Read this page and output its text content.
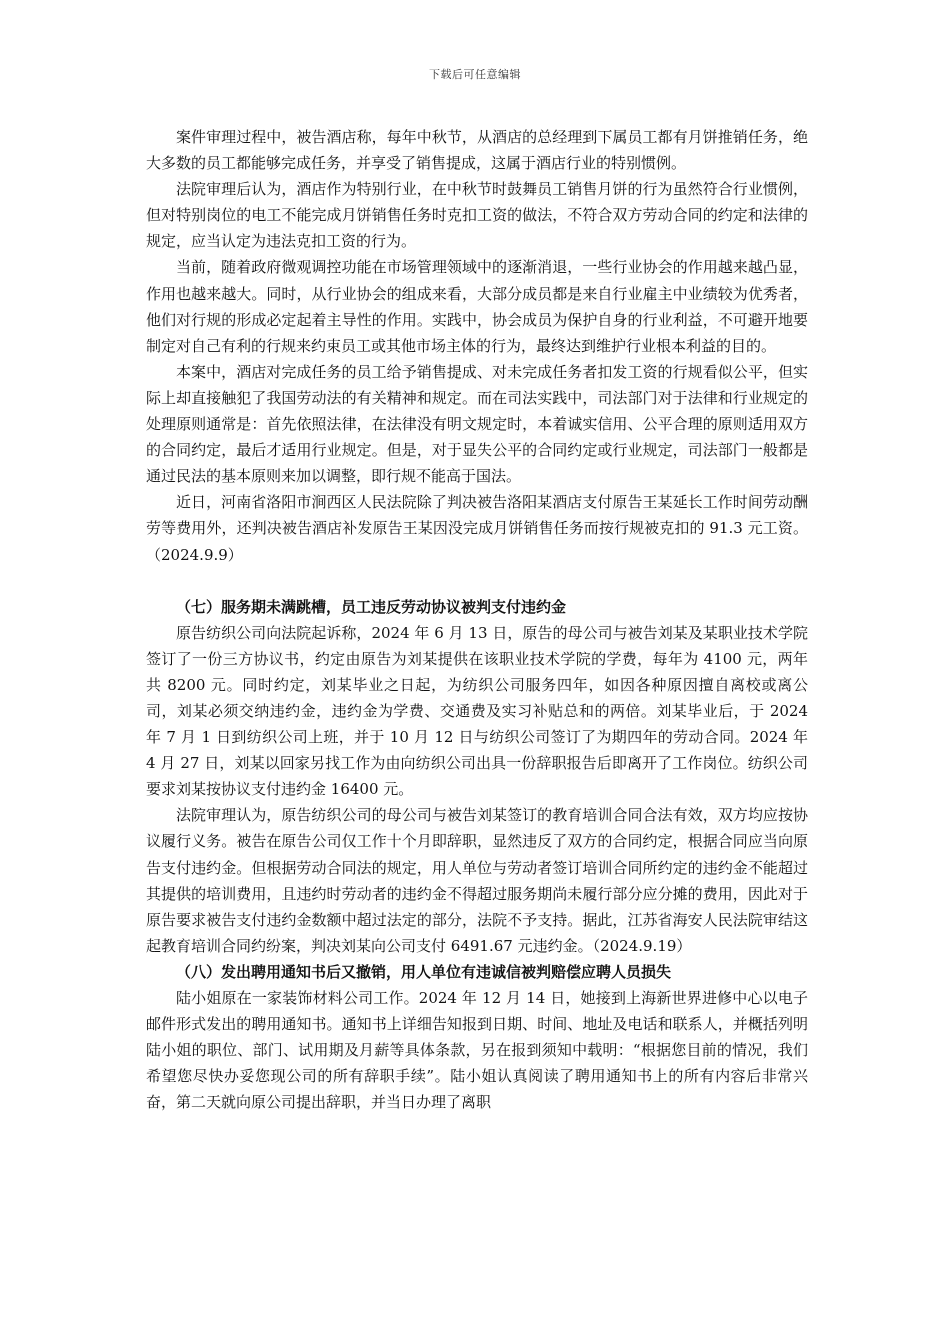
下载后可任意编辑

案件审理过程中，被告酒店称，每年中秋节，从酒店的总经理到下属员工都有月饼推销任务，绝大多数的员工都能够完成任务，并享受了销售提成，这属于酒店行业的特别惯例。

法院审理后认为，酒店作为特别行业，在中秋节时鼓舞员工销售月饼的行为虽然符合行业惯例，但对特别岗位的电工不能完成月饼销售任务时克扣工资的做法，不符合双方劳动合同的约定和法律的规定，应当认定为违法克扣工资的行为。

当前，随着政府微观调控功能在市场管理领域中的逐渐消退，一些行业协会的作用越来越凸显，作用也越来越大。同时，从行业协会的组成来看，大部分成员都是来自行业雇主中业绩较为优秀者，他们对行规的形成必定起着主导性的作用。实践中，协会成员为保护自身的行业利益，不可避开地要制定对自己有利的行规来约束员工或其他市场主体的行为，最终达到维护行业根本利益的目的。

本案中，酒店对完成任务的员工给予销售提成、对未完成任务者扣发工资的行规看似公平，但实际上却直接触犯了我国劳动法的有关精神和规定。而在司法实践中，司法部门对于法律和行业规定的处理原则通常是：首先依照法律，在法律没有明文规定时，本着诚实信用、公平合理的原则适用双方的合同约定，最后才适用行业规定。但是，对于显失公平的合同约定或行业规定，司法部门一般都是通过民法的基本原则来加以调整，即行规不能高于国法。

近日，河南省洛阳市涧西区人民法院除了判决被告洛阳某酒店支付原告王某延长工作时间劳动酬劳等费用外，还判决被告酒店补发原告王某因没完成月饼销售任务而按行规被克扣的 91.3 元工资。（2024.9.9）

（七）服务期未满跳槽，员工违反劳动协议被判支付违约金

原告纺织公司向法院起诉称，2024 年 6 月 13 日，原告的母公司与被告刘某及某职业技术学院签订了一份三方协议书，约定由原告为刘某提供在该职业技术学院的学费，每年为 4100 元，两年共 8200 元。同时约定，刘某毕业之日起，为纺织公司服务四年，如因各种原因擅自离校或离公司，刘某必须交纳违约金，违约金为学费、交通费及实习补贴总和的两倍。刘某毕业后，于 2024 年 7 月 1 日到纺织公司上班，并于 10 月 12 日与纺织公司签订了为期四年的劳动合同。2024 年 4 月 27 日，刘某以回家另找工作为由向纺织公司出具一份辞职报告后即离开了工作岗位。纺织公司要求刘某按协议支付违约金 16400 元。

法院审理认为，原告纺织公司的母公司与被告刘某签订的教育培训合同合法有效，双方均应按协议履行义务。被告在原告公司仅工作十个月即辞职，显然违反了双方的合同约定，根据合同应当向原告支付违约金。但根据劳动合同法的规定，用人单位与劳动者签订培训合同所约定的违约金不能超过其提供的培训费用，且违约时劳动者的违约金不得超过服务期尚未履行部分应分摊的费用，因此对于原告要求被告支付违约金数额中超过法定的部分，法院不予支持。据此，江苏省海安人民法院审结这起教育培训合同约纷案，判决刘某向公司支付 6491.67 元违约金。（2024.9.19）

（八）发出聘用通知书后又撤销，用人单位有违诚信被判赔偿应聘人员损失

陆小姐原在一家装饰材料公司工作。2024 年 12 月 14 日，她接到上海新世界进修中心以电子邮件形式发出的聘用通知书。通知书上详细告知报到日期、时间、地址及电话和联系人，并概括列明陆小姐的职位、部门、试用期及月薪等具体条款，另在报到须知中载明：“根据您目前的情况，我们希望您尽快办妥您现公司的所有辞职手续”。陆小姐认真阅读了聘用通知书上的所有内容后非常兴奋，第二天就向原公司提出辞职，并当日办理了离职
